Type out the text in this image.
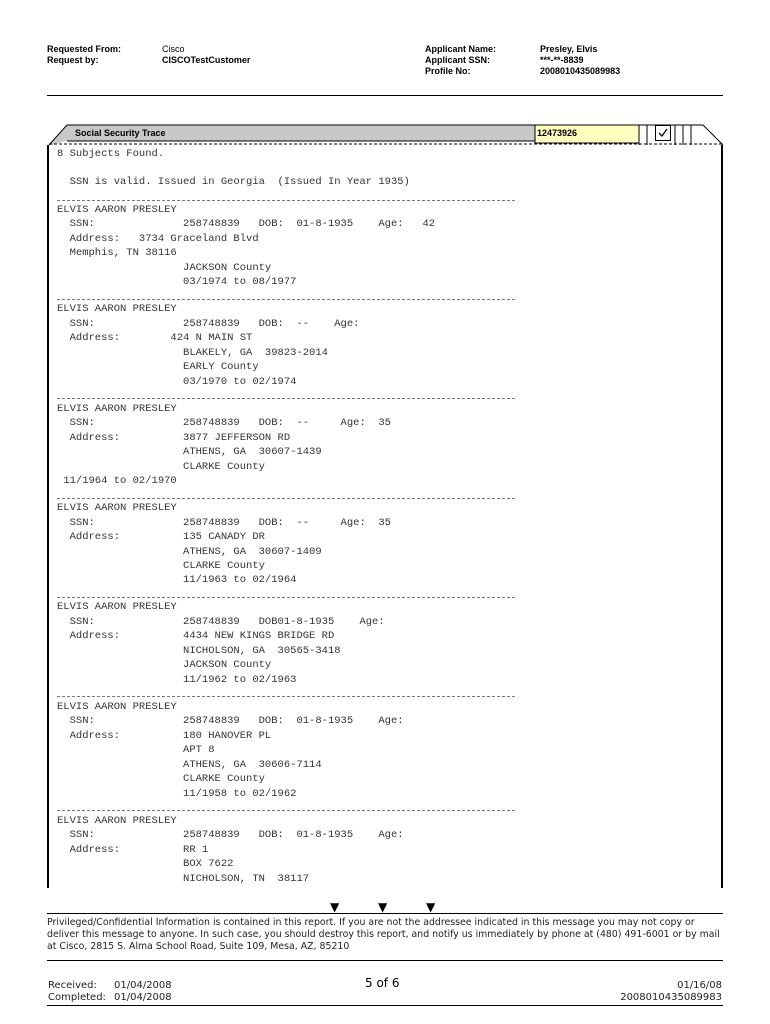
Requested From:	Cisco
Request by:	CISCOTestCustomer
Applicant Name:	Presley, Elvis
Applicant SSN:	***-**-8839
Profile No:	2008010435089983
Social Security Trace	12473926
8 Subjects Found.
SSN is valid. Issued in Georgia  (Issued In Year 1935)
ELVIS AARON PRESLEY
SSN:              258748839   DOB:  01-8-1935    Age:   42
Address:   3734 Graceland Blvd
Memphis, TN 38116
JACKSON County
03/1974 to 08/1977
ELVIS AARON PRESLEY
SSN:              258748839   DOB:  --    Age:
Address:        424 N MAIN ST
BLAKELY, GA  39823-2014
EARLY County
03/1970 to 02/1974
ELVIS AARON PRESLEY
SSN:              258748839   DOB:  --     Age:  35
Address:          3877 JEFFERSON RD
ATHENS, GA  30607-1439
CLARKE County
11/1964 to 02/1970
ELVIS AARON PRESLEY
SSN:              258748839   DOB:  --     Age:  35
Address:          135 CANADY DR
ATHENS, GA  30607-1409
CLARKE County
11/1963 to 02/1964
ELVIS AARON PRESLEY
SSN:              258748839   DOB01-8-1935    Age:
Address:          4434 NEW KINGS BRIDGE RD
NICHOLSON, GA  30565-3418
JACKSON County
11/1962 to 02/1963
ELVIS AARON PRESLEY
SSN:              258748839   DOB:  01-8-1935    Age:
Address:          180 HANOVER PL
APT 8
ATHENS, GA  30606-7114
CLARKE County
11/1958 to 02/1962
ELVIS AARON PRESLEY
SSN:              258748839   DOB:  01-8-1935    Age:
Address:          RR 1
BOX 7622
NICHOLSON, TN  38117
▼	▼	▼
Privileged/Confidential Information is contained in this report. If you are not the addressee indicated in this message you may not copy or deliver this message to anyone. In such case, you should destroy this report, and notify us immediately by phone at (480) 491-6001 or by mail at Cisco, 2815 S. Alma School Road, Suite 109, Mesa, AZ, 85210
Received: 01/04/2008
Completed: 01/04/2008
5 of 6	01/16/08
2008010435089983
